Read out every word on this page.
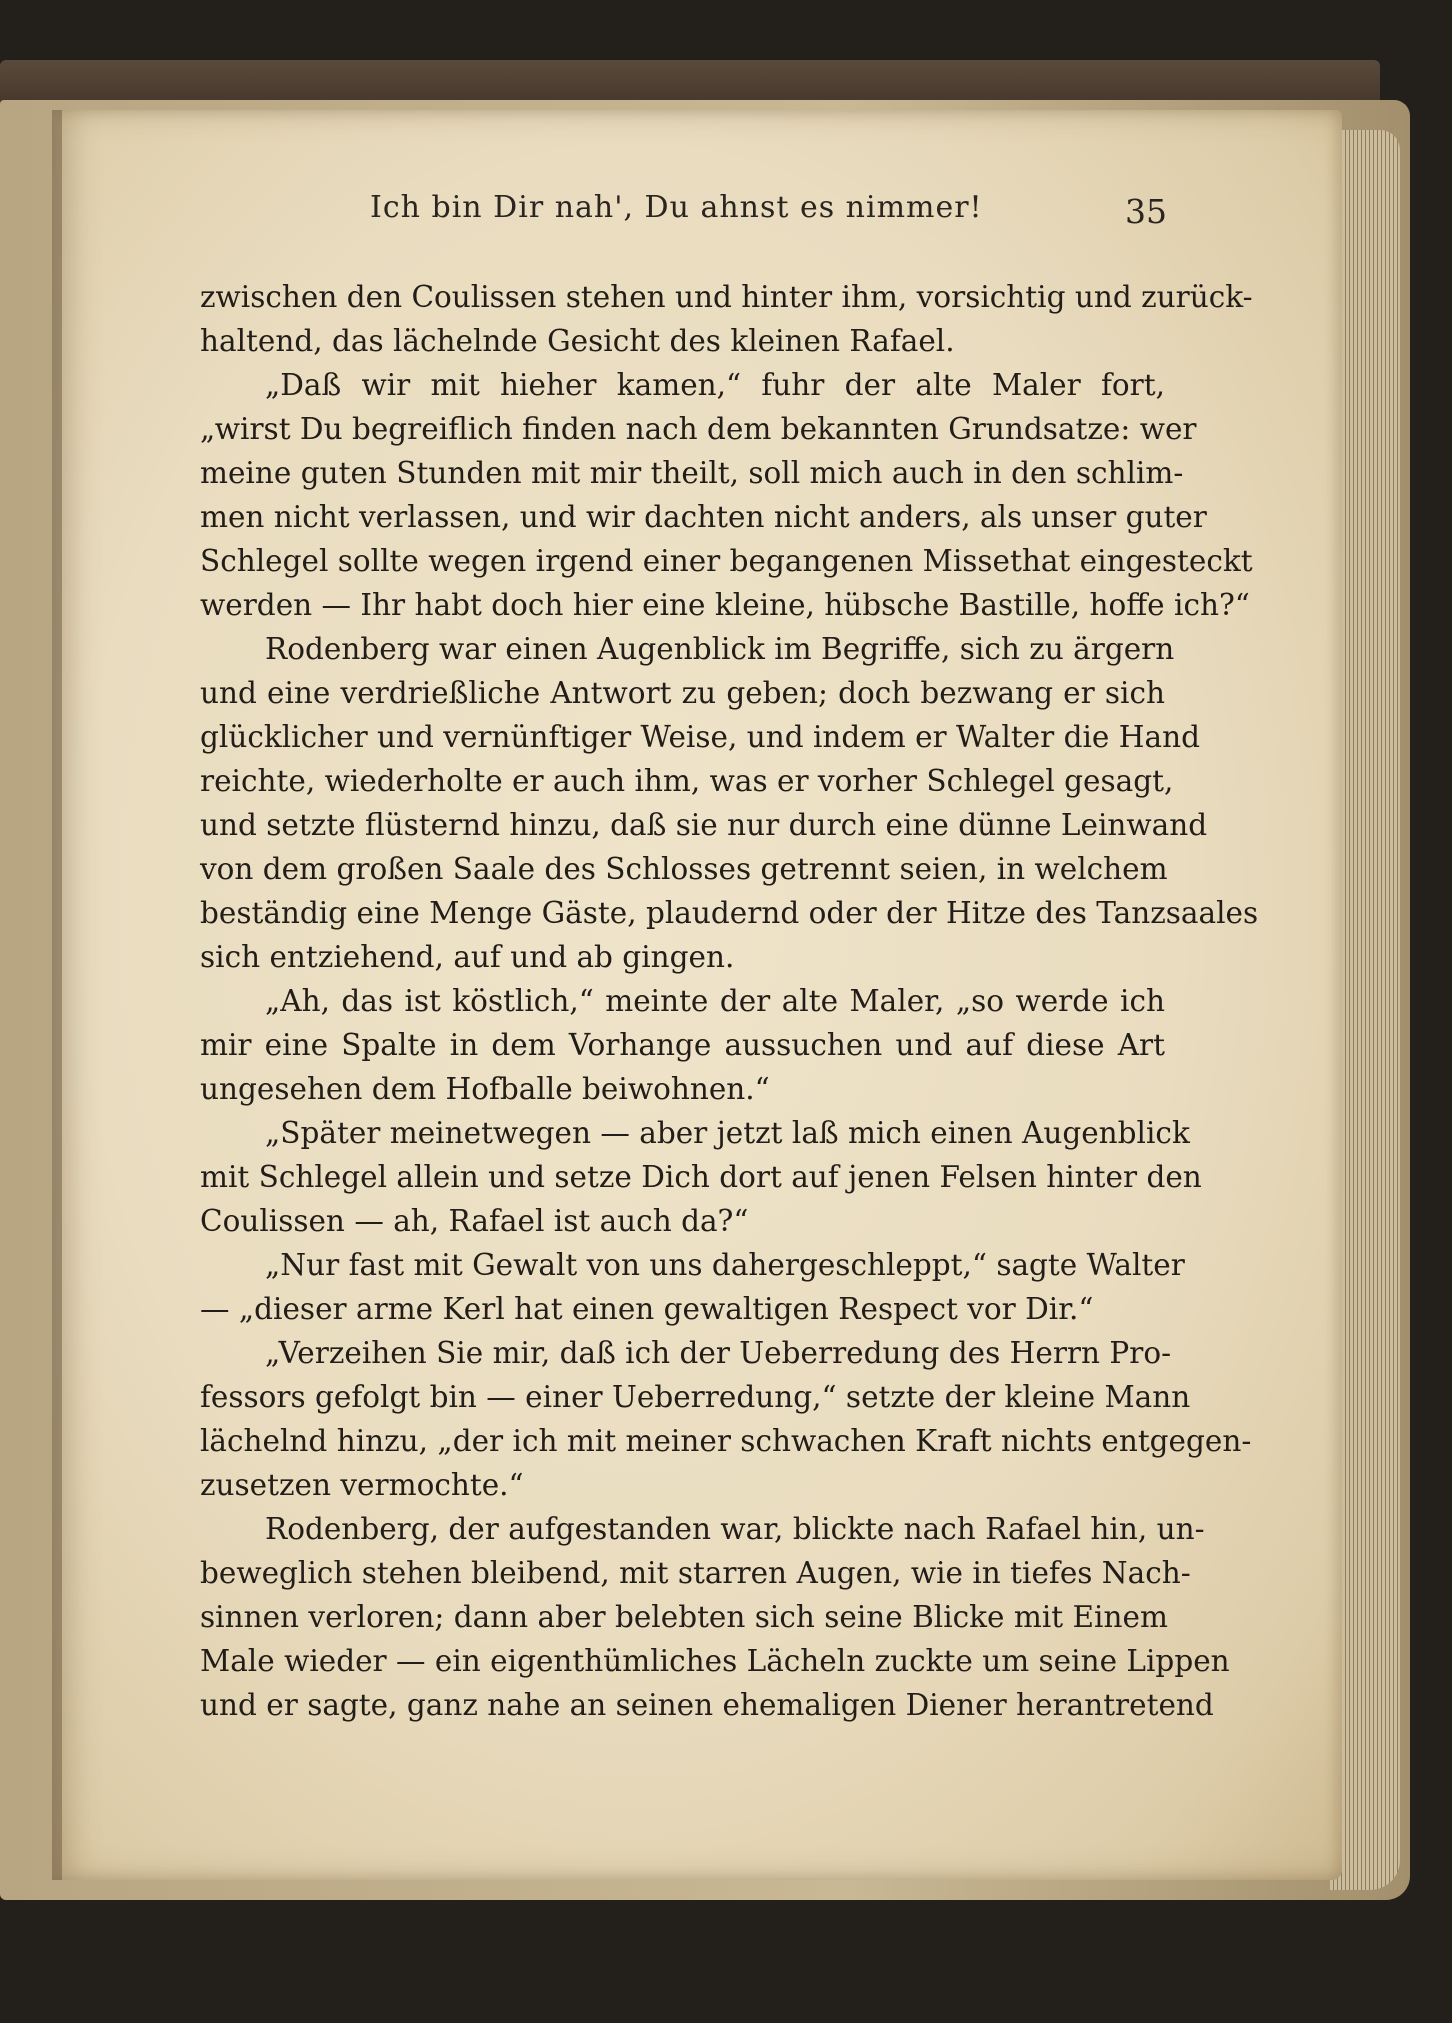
Ich bin Dir nah', Du ahnst es nimmer!	35
zwischen den Coulissen stehen und hinter ihm, vorsichtig und zurück-
haltend, das lächelnde Gesicht des kleinen Rafael.
„Daß wir mit hieher kamen,“ fuhr der alte Maler fort,
„wirst Du begreiflich finden nach dem bekannten Grundsatze: wer
meine guten Stunden mit mir theilt, soll mich auch in den schlim-
men nicht verlassen, und wir dachten nicht anders, als unser guter
Schlegel sollte wegen irgend einer begangenen Missethat eingesteckt
werden — Ihr habt doch hier eine kleine, hübsche Bastille, hoffe ich?“
Rodenberg war einen Augenblick im Begriffe, sich zu ärgern
und eine verdrießliche Antwort zu geben; doch bezwang er sich
glücklicher und vernünftiger Weise, und indem er Walter die Hand
reichte, wiederholte er auch ihm, was er vorher Schlegel gesagt,
und setzte flüsternd hinzu, daß sie nur durch eine dünne Leinwand
von dem großen Saale des Schlosses getrennt seien, in welchem
beständig eine Menge Gäste, plaudernd oder der Hitze des Tanzsaales
sich entziehend, auf und ab gingen.
„Ah, das ist köstlich,“ meinte der alte Maler, „so werde ich
mir eine Spalte in dem Vorhange aussuchen und auf diese Art
ungesehen dem Hofballe beiwohnen.“
„Später meinetwegen — aber jetzt laß mich einen Augenblick
mit Schlegel allein und setze Dich dort auf jenen Felsen hinter den
Coulissen — ah, Rafael ist auch da?“
„Nur fast mit Gewalt von uns dahergeschleppt,“ sagte Walter
— „dieser arme Kerl hat einen gewaltigen Respect vor Dir.“
„Verzeihen Sie mir, daß ich der Ueberredung des Herrn Pro-
fessors gefolgt bin — einer Ueberredung,“ setzte der kleine Mann
lächelnd hinzu, „der ich mit meiner schwachen Kraft nichts entgegen-
zusetzen vermochte.“
Rodenberg, der aufgestanden war, blickte nach Rafael hin, un-
beweglich stehen bleibend, mit starren Augen, wie in tiefes Nach-
sinnen verloren; dann aber belebten sich seine Blicke mit Einem
Male wieder — ein eigenthümliches Lächeln zuckte um seine Lippen
und er sagte, ganz nahe an seinen ehemaligen Diener herantretend
